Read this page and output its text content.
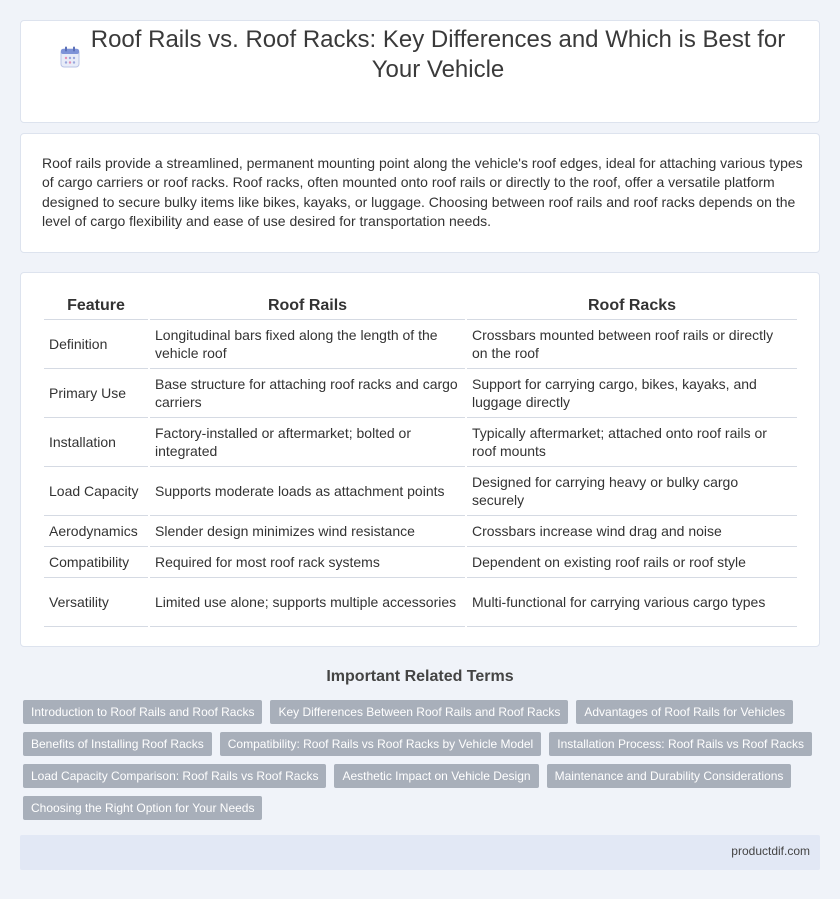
Roof Rails vs. Roof Racks: Key Differences and Which is Best for Your Vehicle

Roof rails provide a streamlined, permanent mounting point along the vehicle's roof edges, ideal for attaching various types of cargo carriers or roof racks. Roof racks, often mounted onto roof rails or directly to the roof, offer a versatile platform designed to secure bulky items like bikes, kayaks, or luggage. Choosing between roof rails and roof racks depends on the level of cargo flexibility and ease of use desired for transportation needs.

Feature	Roof Rails	Roof Racks
Definition	Longitudinal bars fixed along the length of the vehicle roof	Crossbars mounted between roof rails or directly on the roof
Primary Use	Base structure for attaching roof racks and cargo carriers	Support for carrying cargo, bikes, kayaks, and luggage directly
Installation	Factory-installed or aftermarket; bolted or integrated	Typically aftermarket; attached onto roof rails or roof mounts
Load Capacity	Supports moderate loads as attachment points	Designed for carrying heavy or bulky cargo securely
Aerodynamics	Slender design minimizes wind resistance	Crossbars increase wind drag and noise
Compatibility	Required for most roof rack systems	Dependent on existing roof rails or roof style
Versatility	Limited use alone; supports multiple accessories	Multi-functional for carrying various cargo types
Important Related Terms
Introduction to Roof Rails and Roof Racks	Key Differences Between Roof Rails and Roof Racks	Advantages of Roof Rails for Vehicles
Benefits of Installing Roof Racks	Compatibility: Roof Rails vs Roof Racks by Vehicle Model	Installation Process: Roof Rails vs Roof Racks
Load Capacity Comparison: Roof Rails vs Roof Racks	Aesthetic Impact on Vehicle Design	Maintenance and Durability Considerations
Choosing the Right Option for Your Needs
productdif.com
